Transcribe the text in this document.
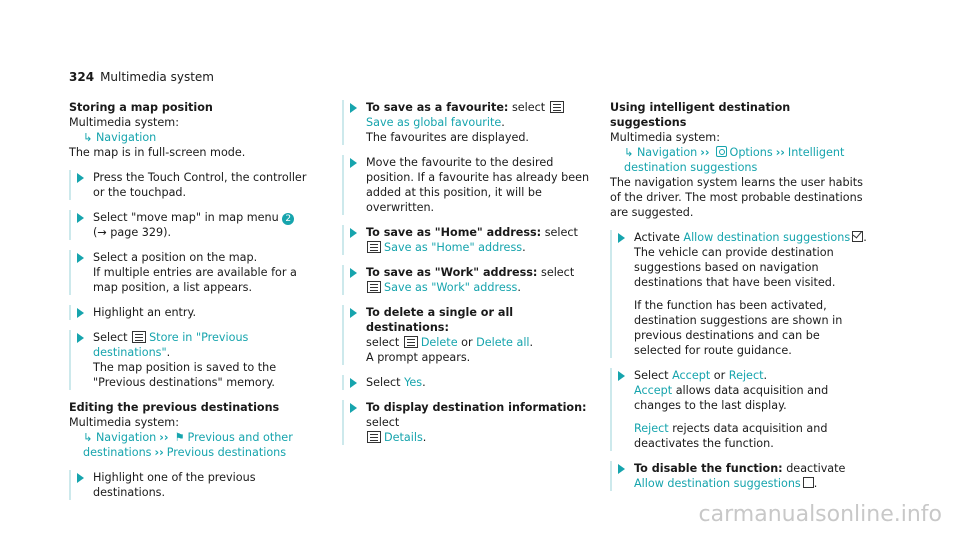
324 Multimedia system

Storing a map position

Multimedia system:

↳ Navigation

The map is in full-screen mode.

Press the Touch Control, the controller or the touchpad.
Select "move map" in map menu 2
(→ page 329).
Select a position on the map.
If multiple entries are available for a map position, a list appears.
Highlight an entry.
Select Store in "Previous destinations".
The map position is saved to the "Previous destinations" memory.

Editing the previous destinations

Multimedia system:

↳ Navigation ›› ⚑ Previous and other destinations ›› Previous destinations

Highlight one of the previous destinations.
To save as a favourite: select Save as global favourite.
The favourites are displayed.
Move the favourite to the desired position. If a favourite has already been added at this position, it will be overwritten.
To save as "Home" address: select Save as "Home" address.
To save as "Work" address: select Save as "Work" address.
To delete a single or all destinations:
select Delete or Delete all.
A prompt appears.
Select Yes.
To display destination information: select
Details.

Using intelligent destination suggestions

Multimedia system:

↳ Navigation ›› Options ›› Intelligent destination suggestions

The navigation system learns the user habits of the driver. The most probable destinations are suggested.

Activate Allow destination suggestions .
The vehicle can provide destination suggestions based on navigation destinations that have been visited.
If the function has been activated, destination suggestions are shown in previous destinations and can be selected for route guidance.
Select Accept or Reject.
Accept allows data acquisition and changes to the last display.
Reject rejects data acquisition and deactivates the function.
To disable the function: deactivate Allow destination suggestions .
carmanualsonline.info
